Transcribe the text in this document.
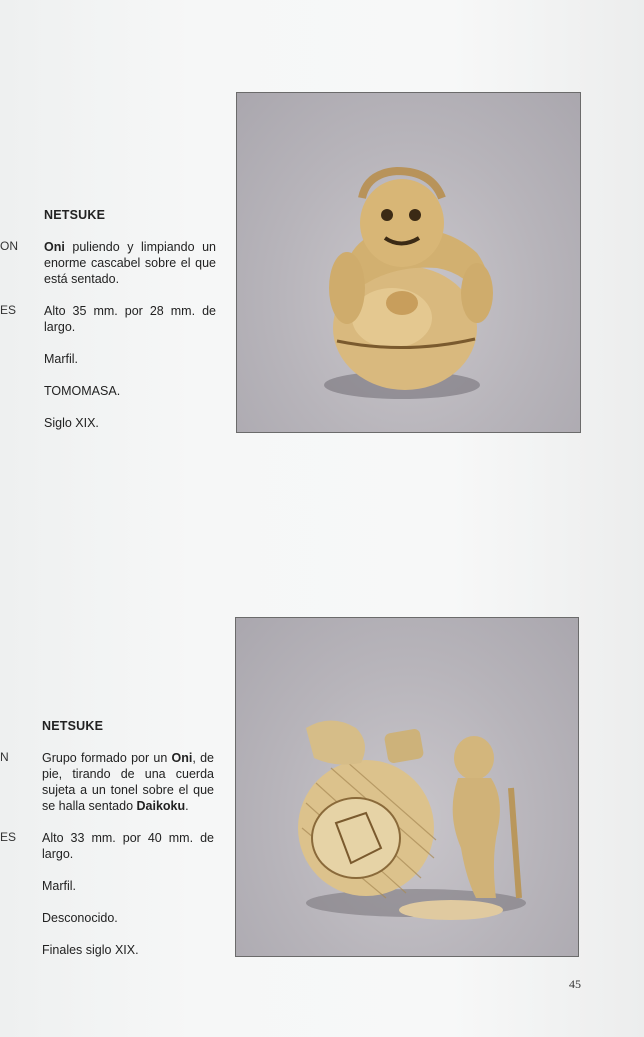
ON
ES
N
ES

NETSUKE

Oni puliendo y limpiando un enorme cascabel sobre el que está sentado.

Alto 35 mm. por 28 mm. de largo.

Marfil.

TOMOMASA.

Siglo XIX.

NETSUKE

Grupo formado por un Oni, de pie, tirando de una cuerda sujeta a un tonel sobre el que se halla sentado Daikoku.

Alto 33 mm. por 40 mm. de largo.

Marfil.

Desconocido.

Finales siglo XIX.

45
